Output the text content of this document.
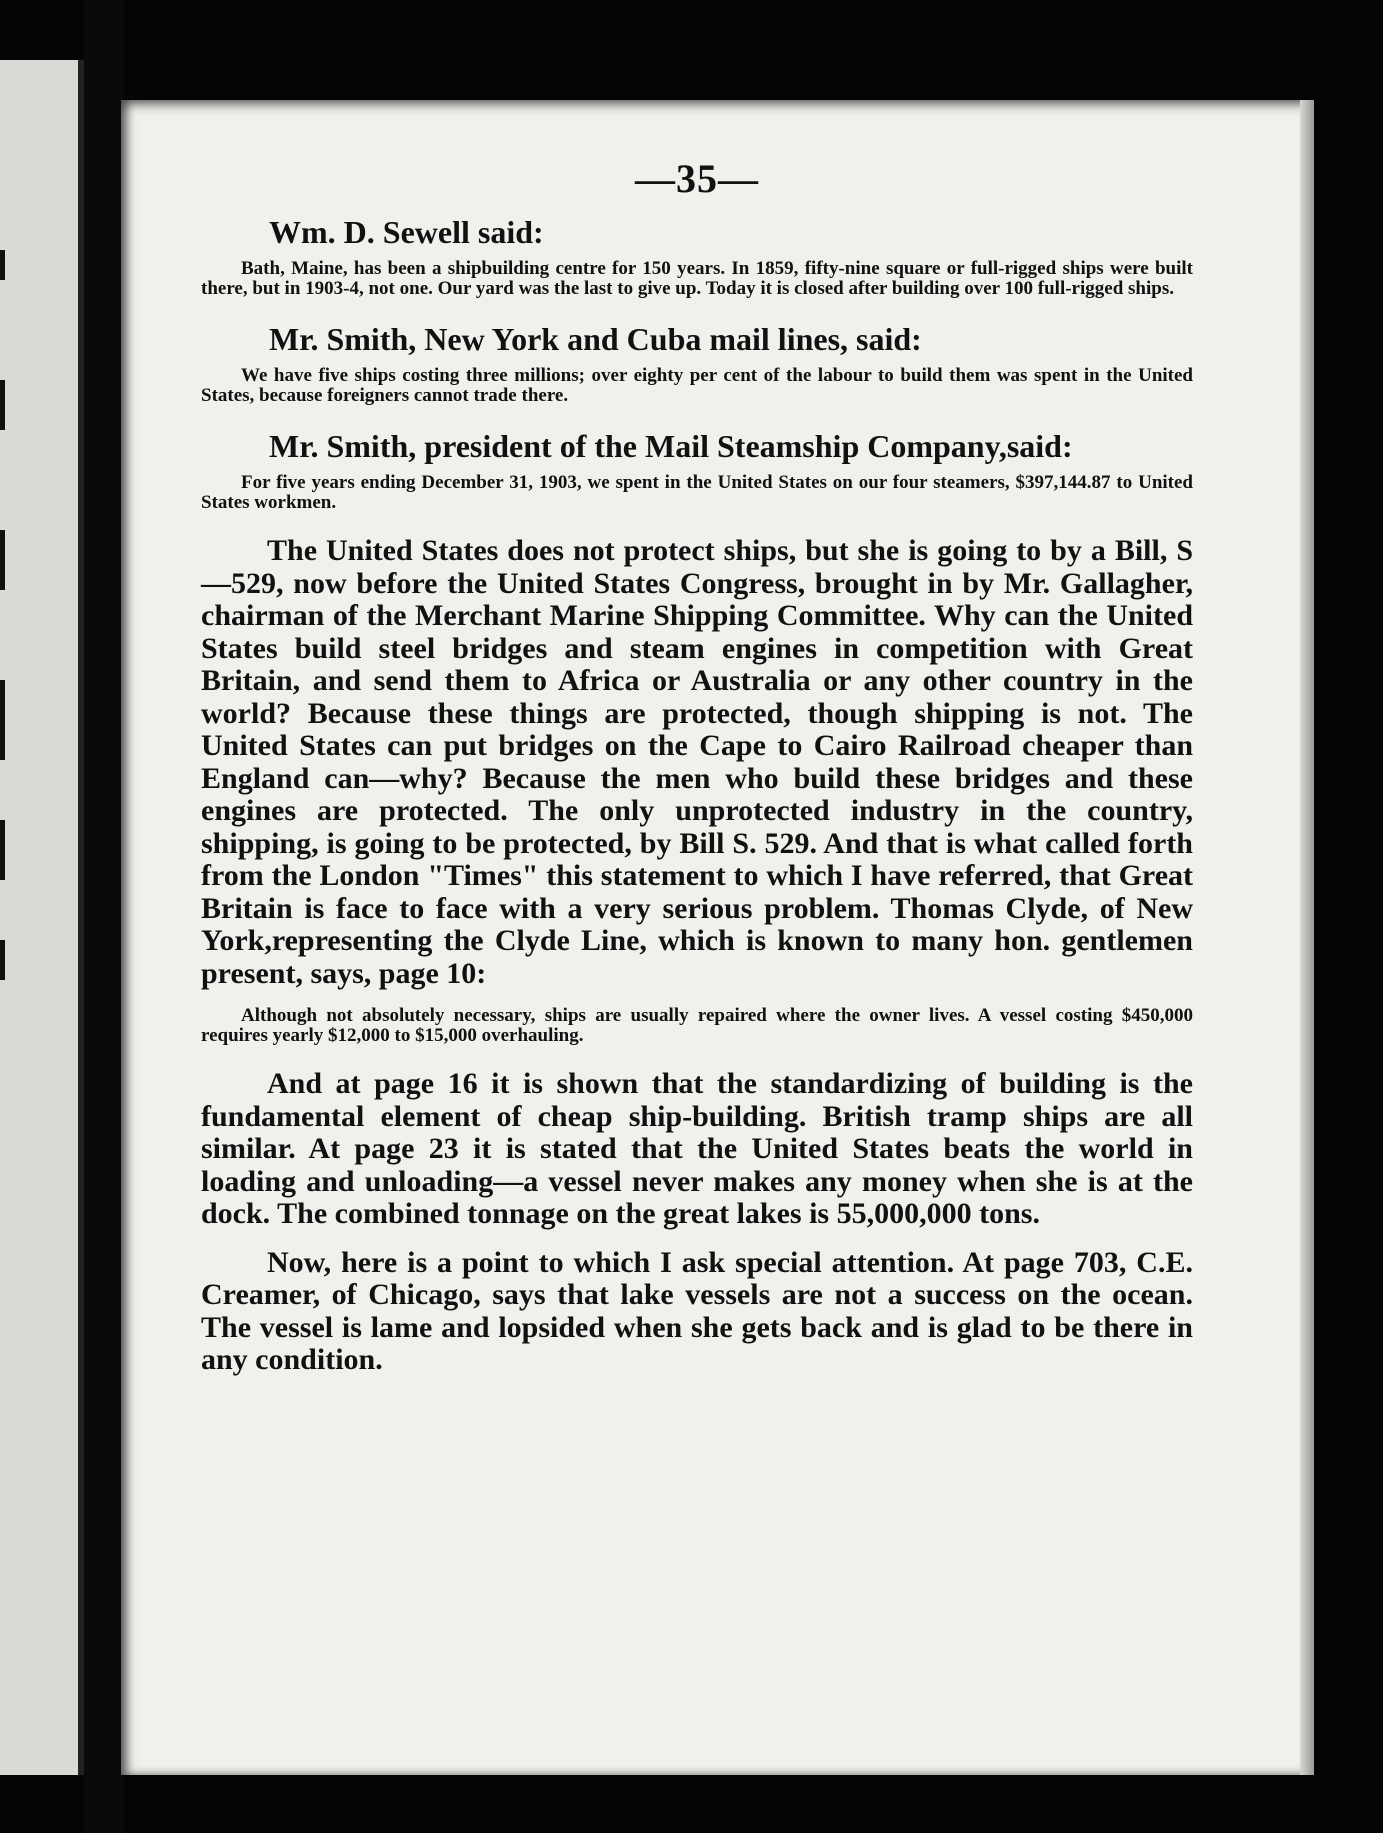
—35—
Wm. D. Sewell said:
Bath, Maine, has been a shipbuilding centre for 150 years. In 1859, fifty-nine square or full-rigged ships were built there, but in 1903-4, not one. Our yard was the last to give up. Today it is closed after building over 100 full-rigged ships.
Mr. Smith, New York and Cuba mail lines, said:
We have five ships costing three millions; over eighty per cent of the labour to build them was spent in the United States, because foreigners cannot trade there.
Mr. Smith, president of the Mail Steamship Company,said:
For five years ending December 31, 1903, we spent in the United States on our four steamers, $397,144.87 to United States workmen.
The United States does not protect ships, but she is going to by a Bill, S—529, now before the United States Congress, brought in by Mr. Gallagher, chairman of the Merchant Marine Shipping Committee. Why can the United States build steel bridges and steam engines in competition with Great Britain, and send them to Africa or Australia or any other country in the world? Because these things are protected, though shipping is not. The United States can put bridges on the Cape to Cairo Railroad cheaper than England can—why? Because the men who build these bridges and these engines are protected. The only unprotected industry in the country, shipping, is going to be protected, by Bill S. 529. And that is what called forth from the London "Times" this statement to which I have referred, that Great Britain is face to face with a very serious problem. Thomas Clyde, of New York,representing the Clyde Line, which is known to many hon. gentlemen present, says, page 10:
Although not absolutely necessary, ships are usually repaired where the owner lives. A vessel costing $450,000 requires yearly $12,000 to $15,000 overhauling.
And at page 16 it is shown that the standardizing of building is the fundamental element of cheap ship-building. British tramp ships are all similar. At page 23 it is stated that the United States beats the world in loading and unloading—a vessel never makes any money when she is at the dock. The combined tonnage on the great lakes is 55,000,000 tons.
Now, here is a point to which I ask special attention. At page 703, C.E. Creamer, of Chicago, says that lake vessels are not a success on the ocean. The vessel is lame and lopsided when she gets back and is glad to be there in any condition.
